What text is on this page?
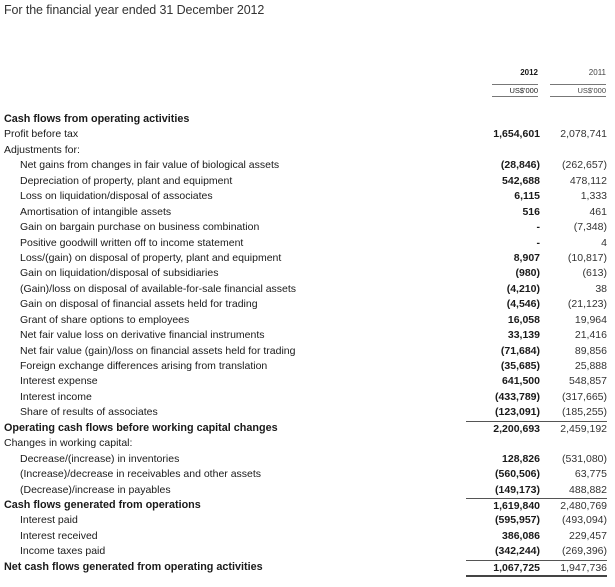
For the financial year ended 31 December 2012
2012	2011
US$'000	US$'000
Cash flows from operating activities
Profit before tax	1,654,601	2,078,741
Adjustments for:
Net gains from changes in fair value of biological assets	(28,846)	(262,657)
Depreciation of property, plant and equipment	542,688	478,112
Loss on liquidation/disposal of associates	6,115	1,333
Amortisation of intangible assets	516	461
Gain on bargain purchase on business combination	-	(7,348)
Positive goodwill written off to income statement	-	4
Loss/(gain) on disposal of property, plant and equipment	8,907	(10,817)
Gain on liquidation/disposal of subsidiaries	(980)	(613)
(Gain)/loss on disposal of available-for-sale financial assets	(4,210)	38
Gain on disposal of financial assets held for trading	(4,546)	(21,123)
Grant of share options to employees	16,058	19,964
Net fair value loss on derivative financial instruments	33,139	21,416
Net fair value (gain)/loss on financial assets held for trading	(71,684)	89,856
Foreign exchange differences arising from translation	(35,685)	25,888
Interest expense	641,500	548,857
Interest income	(433,789)	(317,665)
Share of results of associates	(123,091)	(185,255)
Operating cash flows before working capital changes	2,200,693	2,459,192
Changes in working capital:
Decrease/(increase) in inventories	128,826	(531,080)
(Increase)/decrease in receivables and other assets	(560,506)	63,775
(Decrease)/increase in payables	(149,173)	488,882
Cash flows generated from operations	1,619,840	2,480,769
Interest paid	(595,957)	(493,094)
Interest received	386,086	229,457
Income taxes paid	(342,244)	(269,396)
Net cash flows generated from operating activities	1,067,725	1,947,736
